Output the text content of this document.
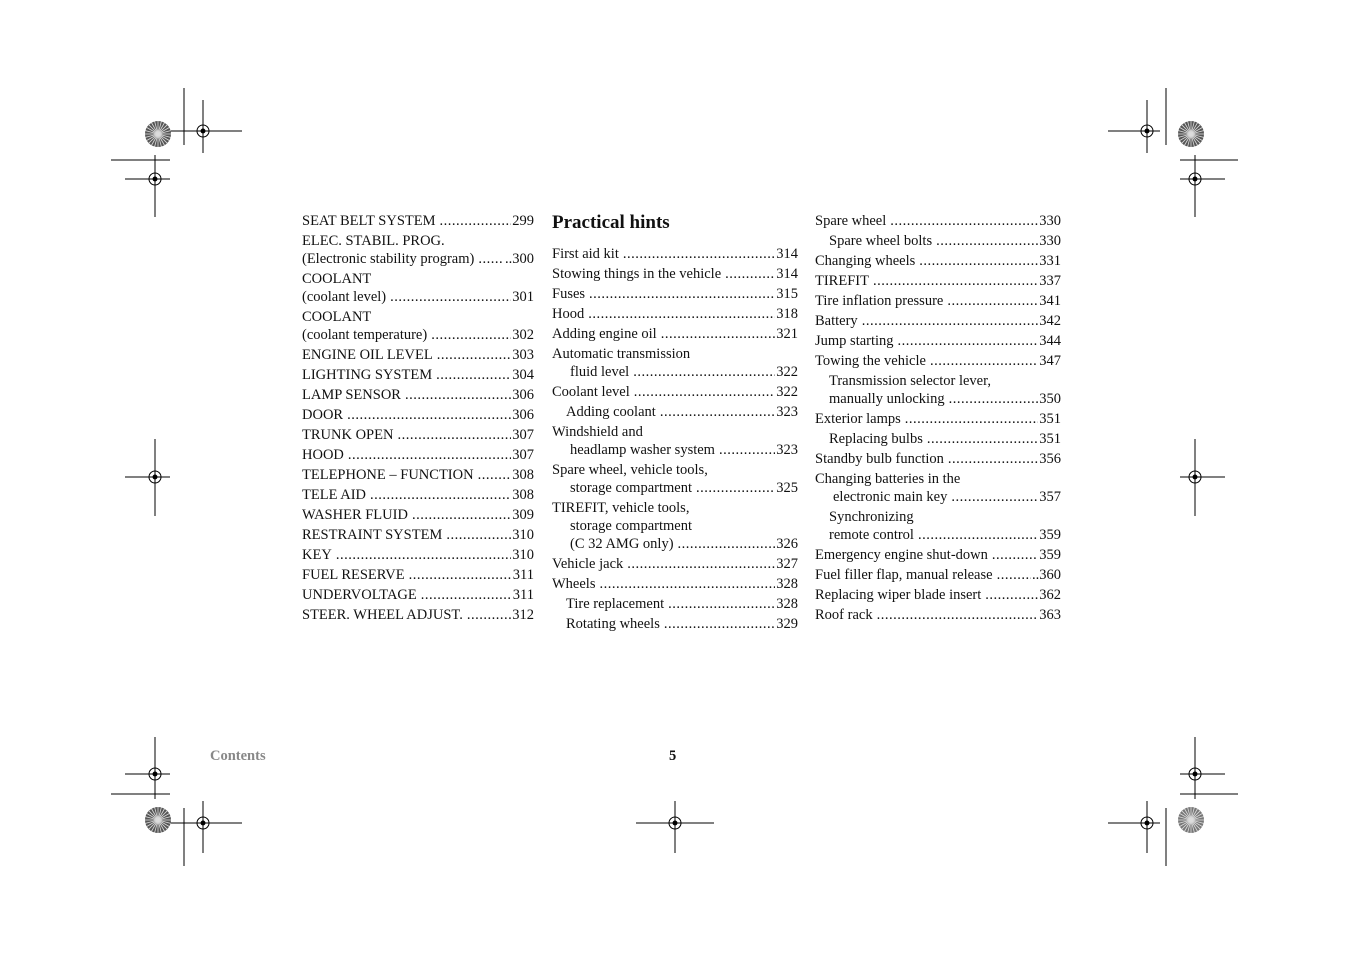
SEAT BELT SYSTEM .....	299
ELEC. STABIL. PROG.
(Electronic stability program) ..... ..300
COOLANT
(coolant level) .....	301
COOLANT
(coolant temperature) .....	302
ENGINE OIL LEVEL .....	303
LIGHTING SYSTEM .....	304
LAMP SENSOR .....	306
DOOR .....	306
TRUNK OPEN .....	307
HOOD .....	307
TELEPHONE – FUNCTION .....	308
TELE AID .....	308
WASHER FLUID .....	309
RESTRAINT SYSTEM .....	310
KEY .....	310
FUEL RESERVE .....	311
UNDERVOLTAGE .....	311
STEER. WHEEL ADJUST. .....	312
Practical hints
First aid kit .....	314
Stowing things in the vehicle .....	314
Fuses .....	315
Hood .....	318
Adding engine oil .....	321
Automatic transmission
fluid level .....	322
Coolant level .....	322
Adding coolant .....	323
Windshield and
headlamp washer system .....	323
Spare wheel, vehicle tools,
storage compartment .....	325
TIREFIT, vehicle tools,
storage compartment
(C 32 AMG only) .....	326
Vehicle jack .....	327
Wheels .....	328
Tire replacement .....	328
Rotating wheels .....	329
Spare wheel .....	330
Spare wheel bolts .....	330
Changing wheels .....	331
TIREFIT .....	337
Tire inflation pressure .....	341
Battery .....	342
Jump starting .....	344
Towing the vehicle .....	347
Transmission selector lever,
manually unlocking .....	350
Exterior lamps .....	351
Replacing bulbs .....	351
Standby bulb function .....	356
Changing batteries in the
electronic main key .....	357
Synchronizing
remote control .....	359
Emergency engine shut-down .....	359
Fuel filler flap, manual release .....	..360
Replacing wiper blade insert .....	362
Roof rack .....	363
Contents	5
